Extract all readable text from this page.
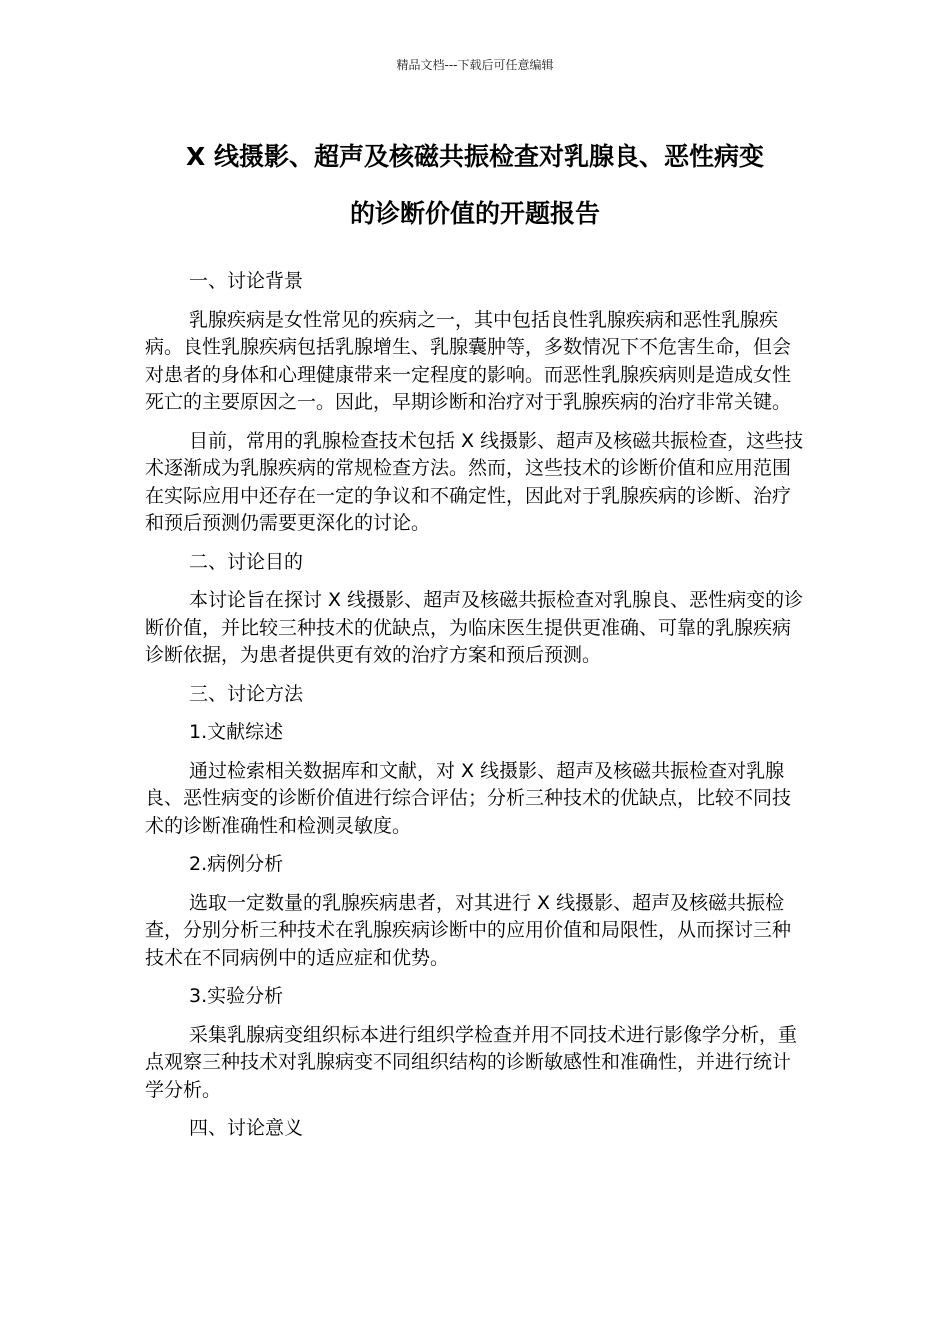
精品文档---下载后可任意编辑
X 线摄影、超声及核磁共振检查对乳腺良、恶性病变
的诊断价值的开题报告

一、讨论背景

乳腺疾病是女性常见的疾病之一，其中包括良性乳腺疾病和恶性乳腺疾病。良性乳腺疾病包括乳腺增生、乳腺囊肿等，多数情况下不危害生命，但会对患者的身体和心理健康带来一定程度的影响。而恶性乳腺疾病则是造成女性死亡的主要原因之一。因此，早期诊断和治疗对于乳腺疾病的治疗非常关键。

目前，常用的乳腺检查技术包括 X 线摄影、超声及核磁共振检查，这些技术逐渐成为乳腺疾病的常规检查方法。然而，这些技术的诊断价值和应用范围在实际应用中还存在一定的争议和不确定性，因此对于乳腺疾病的诊断、治疗和预后预测仍需要更深化的讨论。

二、讨论目的

本讨论旨在探讨 X 线摄影、超声及核磁共振检查对乳腺良、恶性病变的诊断价值，并比较三种技术的优缺点，为临床医生提供更准确、可靠的乳腺疾病诊断依据，为患者提供更有效的治疗方案和预后预测。

三、讨论方法

1.文献综述

通过检索相关数据库和文献，对 X 线摄影、超声及核磁共振检查对乳腺良、恶性病变的诊断价值进行综合评估；分析三种技术的优缺点，比较不同技术的诊断准确性和检测灵敏度。

2.病例分析

选取一定数量的乳腺疾病患者，对其进行 X 线摄影、超声及核磁共振检查，分别分析三种技术在乳腺疾病诊断中的应用价值和局限性，从而探讨三种技术在不同病例中的适应症和优势。

3.实验分析

采集乳腺病变组织标本进行组织学检查并用不同技术进行影像学分析，重点观察三种技术对乳腺病变不同组织结构的诊断敏感性和准确性，并进行统计学分析。

四、讨论意义
